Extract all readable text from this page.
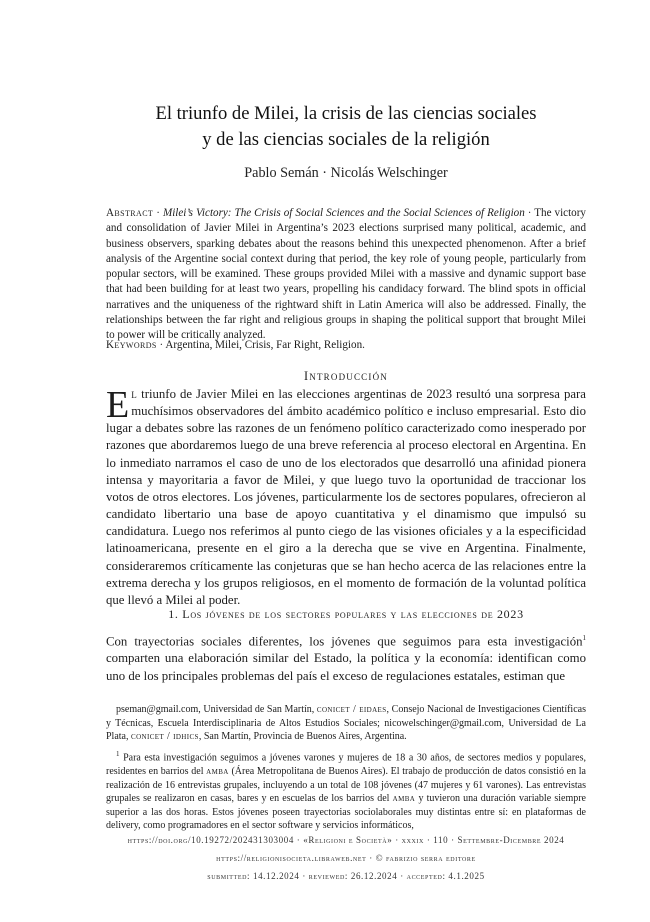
El triunfo de Milei, la crisis de las ciencias sociales
y de las ciencias sociales de la religión
Pablo Semán · Nicolás Welschinger
Abstract · Milei’s Victory: The Crisis of Social Sciences and the Social Sciences of Religion · The victory and consolidation of Javier Milei in Argentina’s 2023 elections surprised many political, academic, and business observers, sparking debates about the reasons behind this unexpected phenomenon. After a brief analysis of the Argentine social context during that period, the key role of young people, particularly from popular sectors, will be examined. These groups provided Milei with a massive and dynamic support base that had been building for at least two years, propelling his candidacy forward. The blind spots in official narratives and the uniqueness of the rightward shift in Latin America will also be addressed. Finally, the relationships between the far right and religious groups in shaping the political support that brought Milei to power will be critically analyzed.
Keywords · Argentina, Milei, Crisis, Far Right, Religion.
Introducción
El triunfo de Javier Milei en las elecciones argentinas de 2023 resultó una sorpresa para muchísimos observadores del ámbito académico político e incluso empresarial. Esto dio lugar a debates sobre las razones de un fenómeno político caracterizado como inesperado por razones que abordaremos luego de una breve referencia al proceso electoral en Argentina. En lo inmediato narramos el caso de uno de los electorados que desarrolló una afinidad pionera intensa y mayoritaria a favor de Milei, y que luego tuvo la oportunidad de traccionar los votos de otros electores. Los jóvenes, particularmente los de sectores populares, ofrecieron al candidato libertario una base de apoyo cuantitativa y el dinamismo que impulsó su candidatura. Luego nos referimos al punto ciego de las visiones oficiales y a la especificidad latinoamericana, presente en el giro a la derecha que se vive en Argentina. Finalmente, consideraremos críticamente las conjeturas que se han hecho acerca de las relaciones entre la extrema derecha y los grupos religiosos, en el momento de formación de la voluntad política que llevó a Milei al poder.
1. Los jóvenes de los sectores populares y las elecciones de 2023
Con trayectorias sociales diferentes, los jóvenes que seguimos para esta investigación$^1$ comparten una elaboración similar del Estado, la política y la economía: identifican como uno de los principales problemas del país el exceso de regulaciones estatales, estiman que
pseman@gmail.com, Universidad de San Martín, conicet / eidaes, Consejo Nacional de Investigaciones Científicas y Técnicas, Escuela Interdisciplinaria de Altos Estudios Sociales; nicowelschinger@gmail.com, Universidad de La Plata, conicet / idhics, San Martín, Provincia de Buenos Aires, Argentina.
$^1$ Para esta investigación seguimos a jóvenes varones y mujeres de 18 a 30 años, de sectores medios y populares, residentes en barrios del amba (Área Metropolitana de Buenos Aires). El trabajo de producción de datos consistió en la realización de 16 entrevistas grupales, incluyendo a un total de 108 jóvenes (47 mujeres y 61 varones). Las entrevistas grupales se realizaron en casas, bares y en escuelas de los barrios del amba y tuvieron una duración variable siempre superior a las dos horas. Estos jóvenes poseen trayectorias sociolaborales muy distintas entre sí: en plataformas de delivery, como programadores en el sector software y servicios informáticos,
https://doi.org/10.19272/202431303004 · «Religioni e Società» · xxxix · 110 · Settembre-Dicembre 2024
https://religionisocieta.libraweb.net · © fabrizio serra editore
submitted: 14.12.2024 · reviewed: 26.12.2024 · accepted: 4.1.2025
